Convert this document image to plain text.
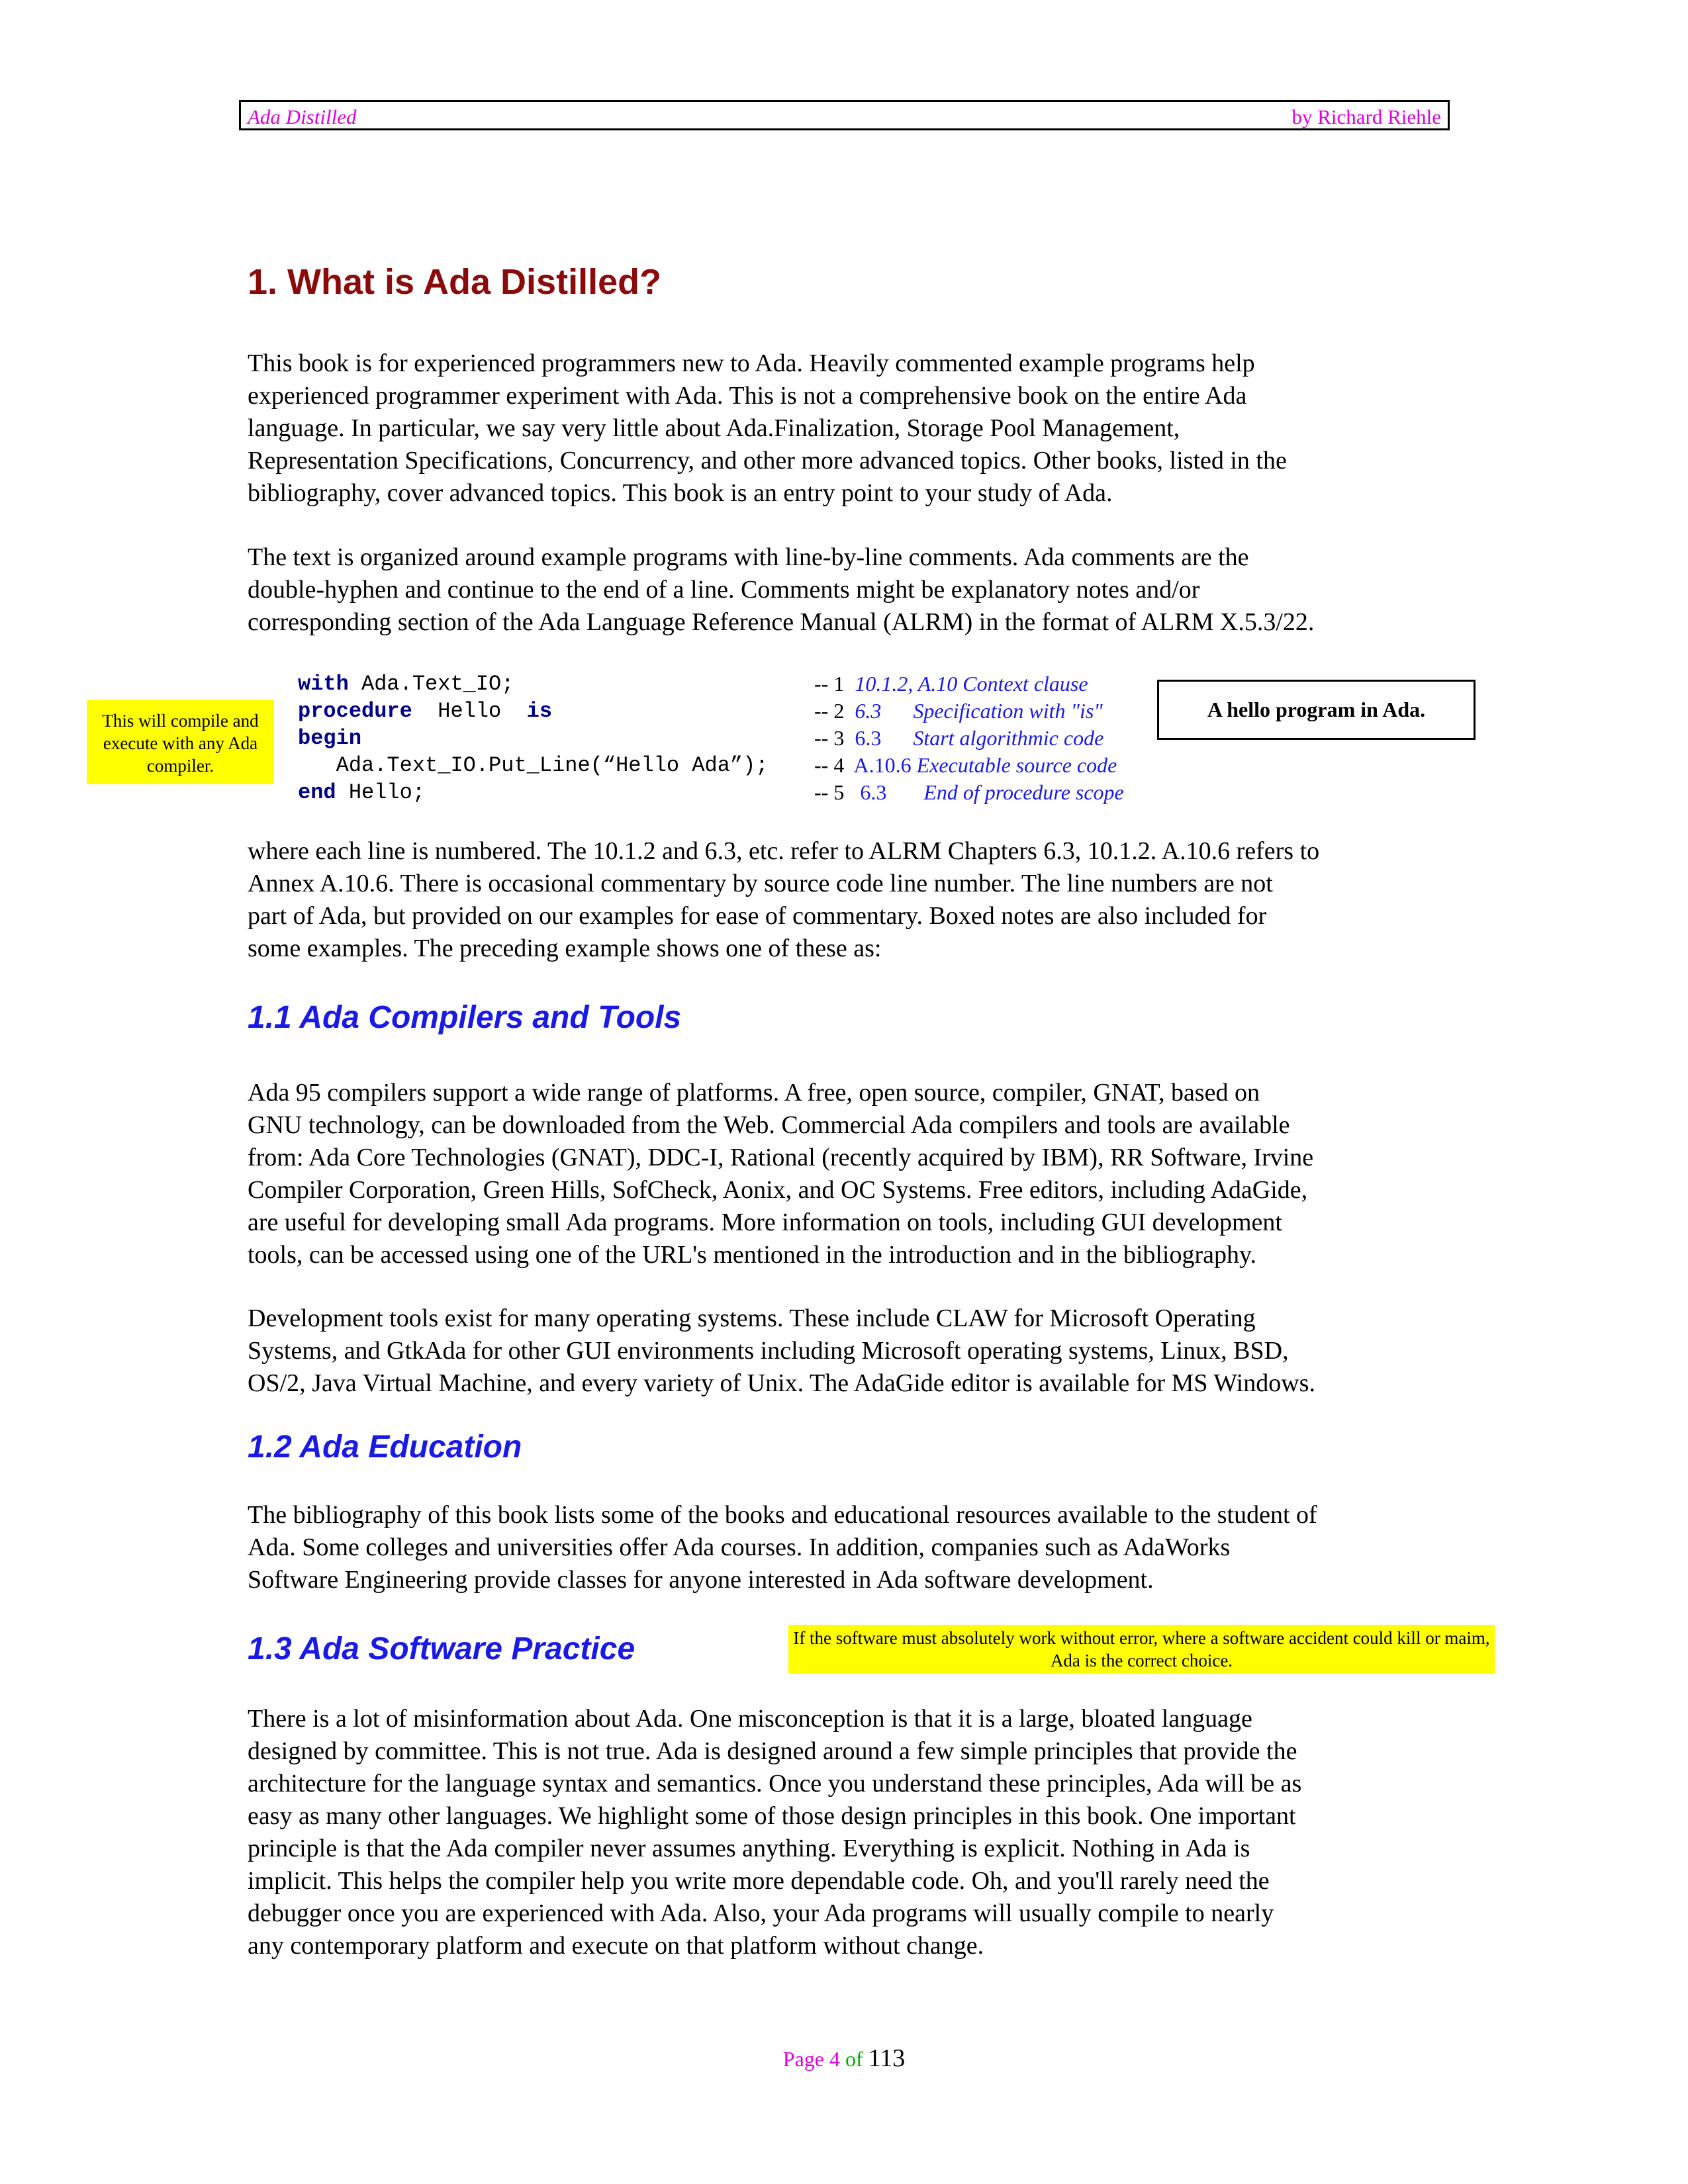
Ada Distilled	by Richard Riehle
1. What is Ada Distilled?

This book is for experienced programmers new to Ada. Heavily commented example programs help

experienced programmer experiment with Ada. This is not a comprehensive book on the entire Ada

language. In particular, we say very little about Ada.Finalization, Storage Pool Management,

Representation Specifications, Concurrency, and other more advanced topics. Other books, listed in the

bibliography, cover advanced topics. This book is an entry point to your study of Ada.

The text is organized around example programs with line-by-line comments. Ada comments are the

double-hyphen and continue to the end of a line. Comments might be explanatory notes and/or

corresponding section of the Ada Language Reference Manual (ALRM) in the format of ALRM X.5.3/22.

with Ada.Text_IO;
procedure  Hello  is
begin
Ada.Text_IO.Put_Line(“Hello Ada”);
end Hello;
-- 1  10.1.2, A.10 Context clause
-- 2  6.3      Specification with "is"
-- 3  6.3      Start algorithmic code
-- 4  A.10.6 Executable source code
-- 5   6.3       End of procedure scope
This will compile and execute with any Ada compiler.
A hello program in Ada.

where each line is numbered. The 10.1.2 and 6.3, etc. refer to ALRM Chapters 6.3, 10.1.2. A.10.6 refers to

Annex A.10.6. There is occasional commentary by source code line number. The line numbers are not

part of Ada, but provided on our examples for ease of commentary. Boxed notes are also included for

some examples. The preceding example shows one of these as:

1.1 Ada Compilers and Tools

Ada 95 compilers support a wide range of platforms. A free, open source, compiler, GNAT, based on

GNU technology, can be downloaded from the Web. Commercial Ada compilers and tools are available

from: Ada Core Technologies (GNAT), DDC-I, Rational (recently acquired by IBM), RR Software, Irvine

Compiler Corporation, Green Hills, SofCheck, Aonix, and OC Systems. Free editors, including AdaGide,

are useful for developing small Ada programs. More information on tools, including GUI development

tools, can be accessed using one of the URL's mentioned in the introduction and in the bibliography.

Development tools exist for many operating systems. These include CLAW for Microsoft Operating

Systems, and GtkAda for other GUI environments including Microsoft operating systems, Linux, BSD,

OS/2, Java Virtual Machine, and every variety of Unix. The AdaGide editor is available for MS Windows.

1.2 Ada Education

The bibliography of this book lists some of the books and educational resources available to the student of

Ada. Some colleges and universities offer Ada courses. In addition, companies such as AdaWorks

Software Engineering provide classes for anyone interested in Ada software development.

1.3 Ada Software Practice	If the software must absolutely work without error, where a software accident could kill or maim, Ada is the correct choice.

There is a lot of misinformation about Ada. One misconception is that it is a large, bloated language

designed by committee. This is not true. Ada is designed around a few simple principles that provide the

architecture for the language syntax and semantics. Once you understand these principles, Ada will be as

easy as many other languages. We highlight some of those design principles in this book. One important

principle is that the Ada compiler never assumes anything. Everything is explicit. Nothing in Ada is

implicit. This helps the compiler help you write more dependable code. Oh, and you'll rarely need the

debugger once you are experienced with Ada. Also, your Ada programs will usually compile to nearly

any contemporary platform and execute on that platform without change.

Page 4 of 113
